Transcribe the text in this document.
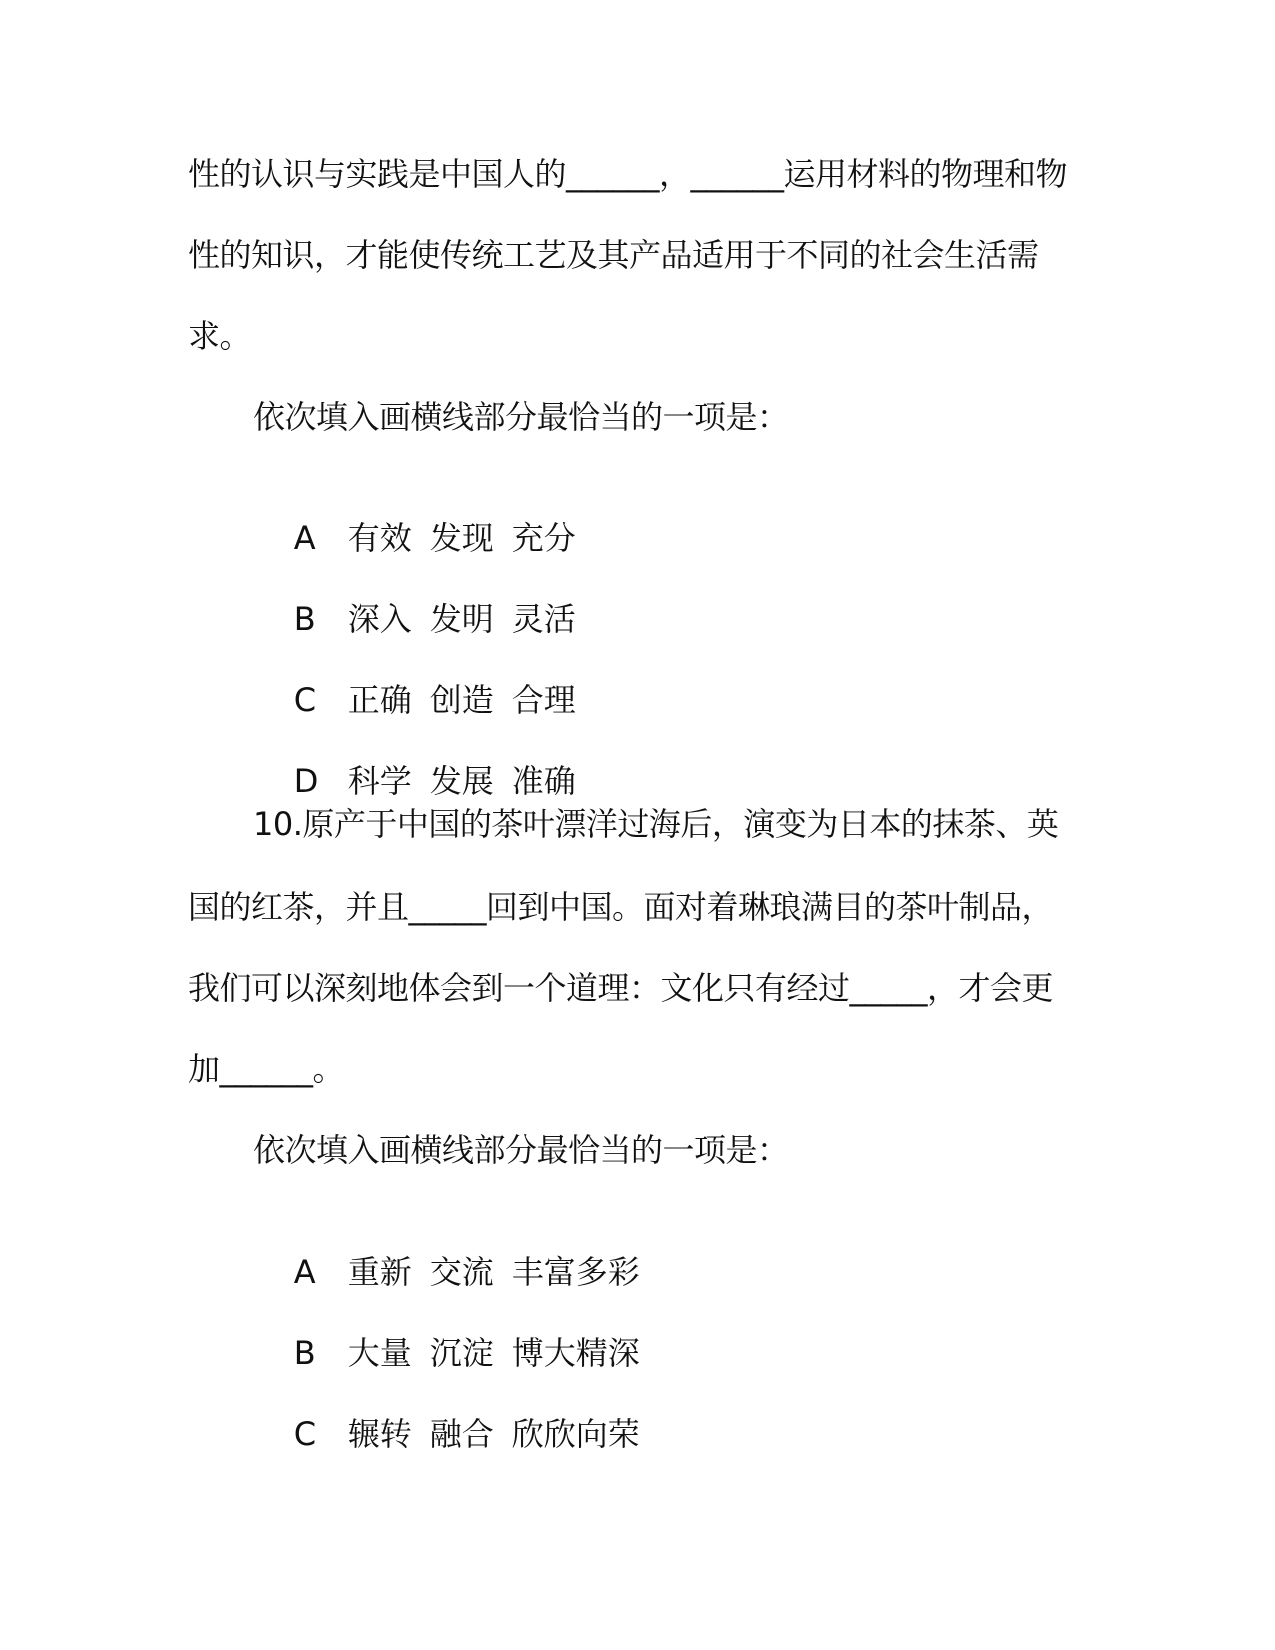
性的认识与实践是中国人的______，______运用材料的物理和物
性的知识，才能使传统工艺及其产品适用于不同的社会生活需
求。
依次填入画横线部分最恰当的一项是：

A 有效 发现 充分

B 深入 发明 灵活

C 正确 创造 合理

D 科学 发展 准确

10.原产于中国的茶叶漂洋过海后，演变为日本的抹茶、英
国的红茶，并且_____回到中国。面对着琳琅满目的茶叶制品，
我们可以深刻地体会到一个道理：文化只有经过_____，才会更
加______。
依次填入画横线部分最恰当的一项是：

A 重新 交流 丰富多彩

B 大量 沉淀 博大精深

C 辗转 融合 欣欣向荣
